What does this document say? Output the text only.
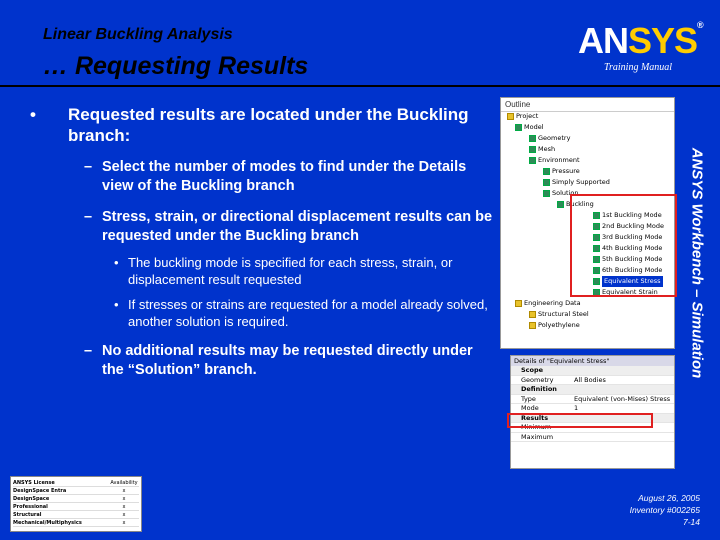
Linear Buckling Analysis
… Requesting Results
ANSYS®
Training Manual
ANSYS Workbench – Simulation
•	Requested results are located under the Buckling branch:
– Select the number of modes to find under the Details view of the Buckling branch
– Stress, strain, or directional displacement results can be requested under the Buckling branch
• The buckling mode is specified for each stress, strain, or displacement result requested
• If stresses or strains are requested for a model already solved, another solution is required.
– No additional results may be requested directly under the “Solution” branch.
Outline
Project
Model
Geometry
Mesh
Environment
Pressure
Simply Supported
Solution
Buckling
1st Buckling Mode
2nd Buckling Mode
3rd Buckling Mode
4th Buckling Mode
5th Buckling Mode
6th Buckling Mode
Equivalent Stress
Equivalent Strain
Engineering Data
Structural Steel
Polyethylene
Details of "Equivalent Stress"
Scope
Geometry	All Bodies
Definition
Type	Equivalent (von-Mises) Stress
Mode	1
Results
Minimum
Maximum
ANSYS License	Availability
DesignSpace Entra	x
DesignSpace	x
Professional	x
Structural	x
Mechanical/Multiphysics	x
August 26, 2005
Inventory #002265
7-14
